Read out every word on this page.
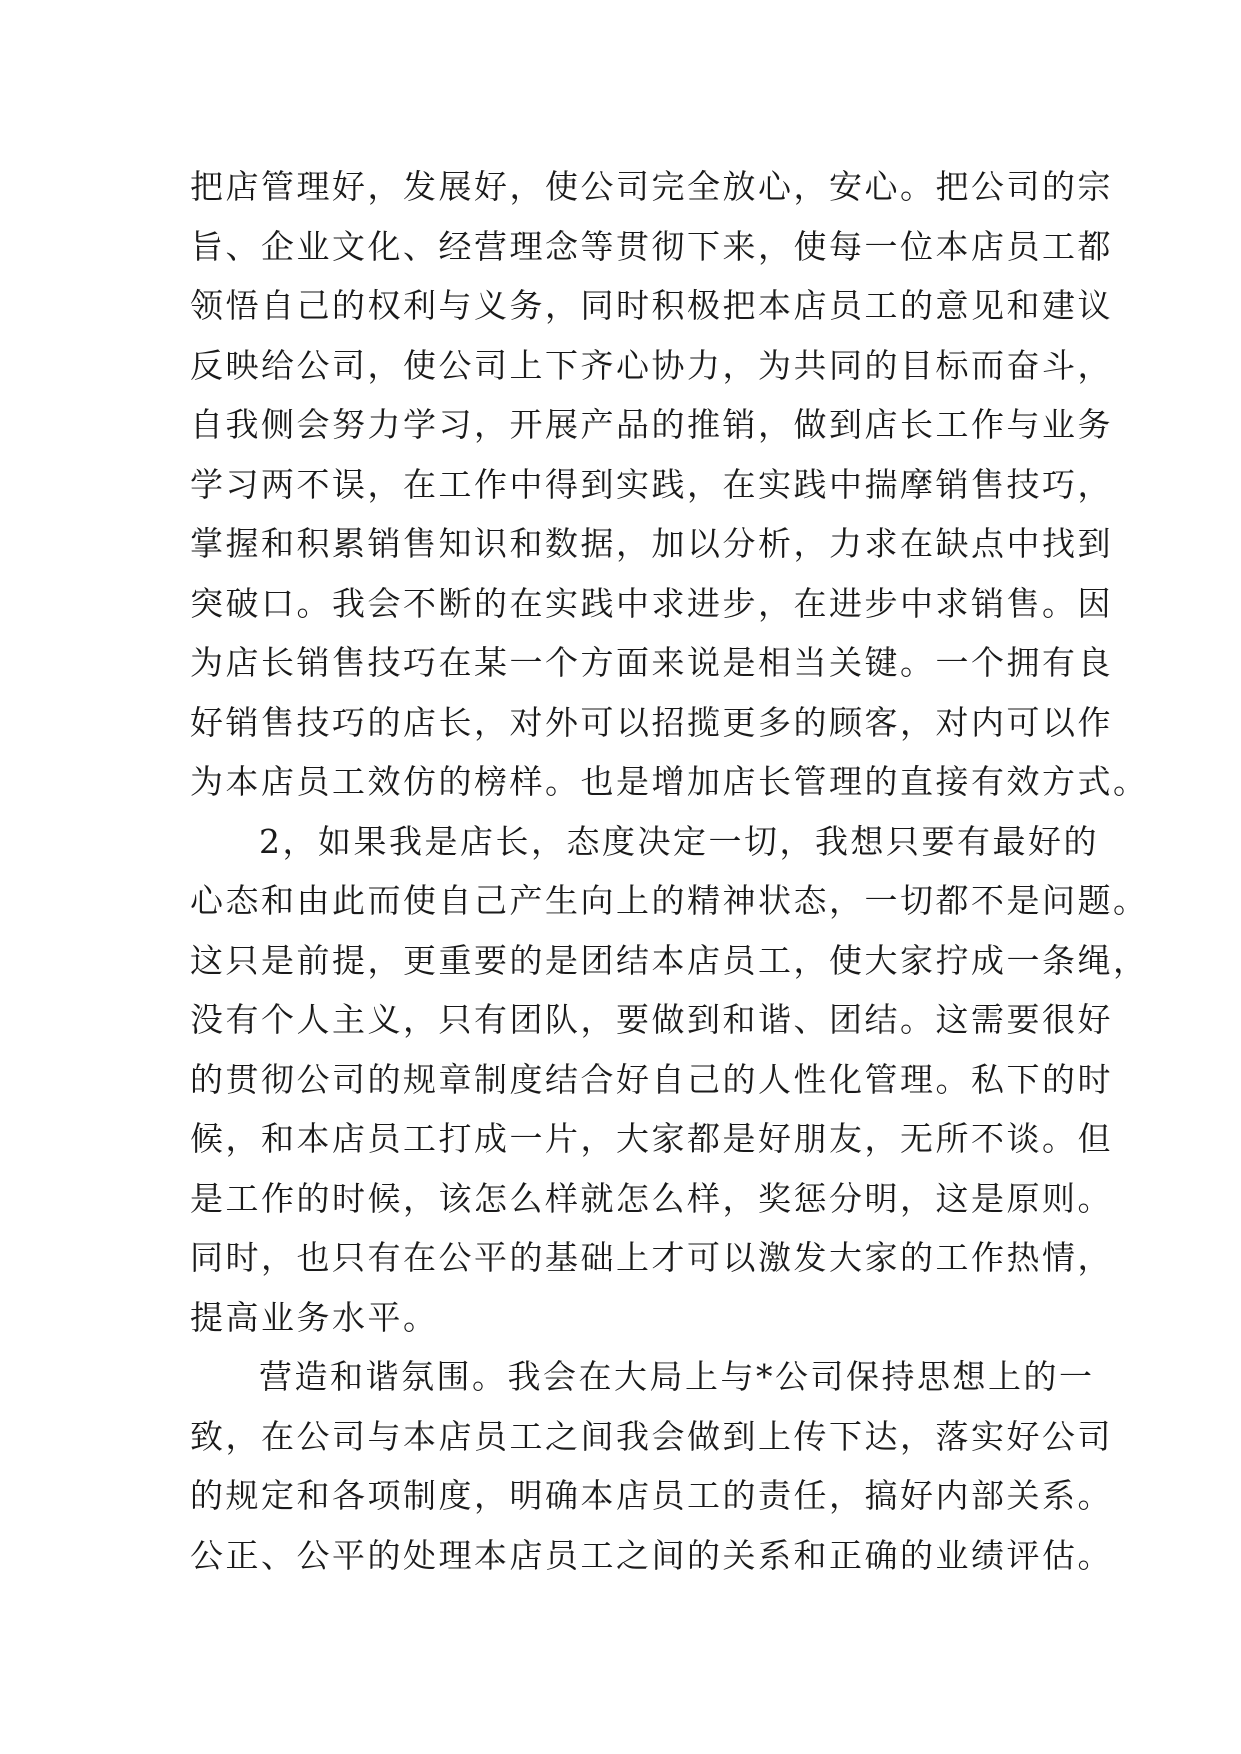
把店管理好，发展好，使公司完全放心，安心。把公司的宗
旨、企业文化、经营理念等贯彻下来，使每一位本店员工都
领悟自己的权利与义务，同时积极把本店员工的意见和建议
反映给公司，使公司上下齐心协力，为共同的目标而奋斗，
自我侧会努力学习，开展产品的推销，做到店长工作与业务
学习两不误，在工作中得到实践，在实践中揣摩销售技巧，
掌握和积累销售知识和数据，加以分析，力求在缺点中找到
突破口。我会不断的在实践中求进步，在进步中求销售。因
为店长销售技巧在某一个方面来说是相当关键。一个拥有良
好销售技巧的店长，对外可以招揽更多的顾客，对内可以作
为本店员工效仿的榜样。也是增加店长管理的直接有效方式。
2，如果我是店长，态度决定一切，我想只要有最好的
心态和由此而使自己产生向上的精神状态，一切都不是问题。
这只是前提，更重要的是团结本店员工，使大家拧成一条绳，
没有个人主义，只有团队，要做到和谐、团结。这需要很好
的贯彻公司的规章制度结合好自己的人性化管理。私下的时
候，和本店员工打成一片，大家都是好朋友，无所不谈。但
是工作的时候，该怎么样就怎么样，奖惩分明，这是原则。
同时，也只有在公平的基础上才可以激发大家的工作热情，
提高业务水平。
营造和谐氛围。我会在大局上与*公司保持思想上的一
致，在公司与本店员工之间我会做到上传下达，落实好公司
的规定和各项制度，明确本店员工的责任，搞好内部关系。
公正、公平的处理本店员工之间的关系和正确的业绩评估。
